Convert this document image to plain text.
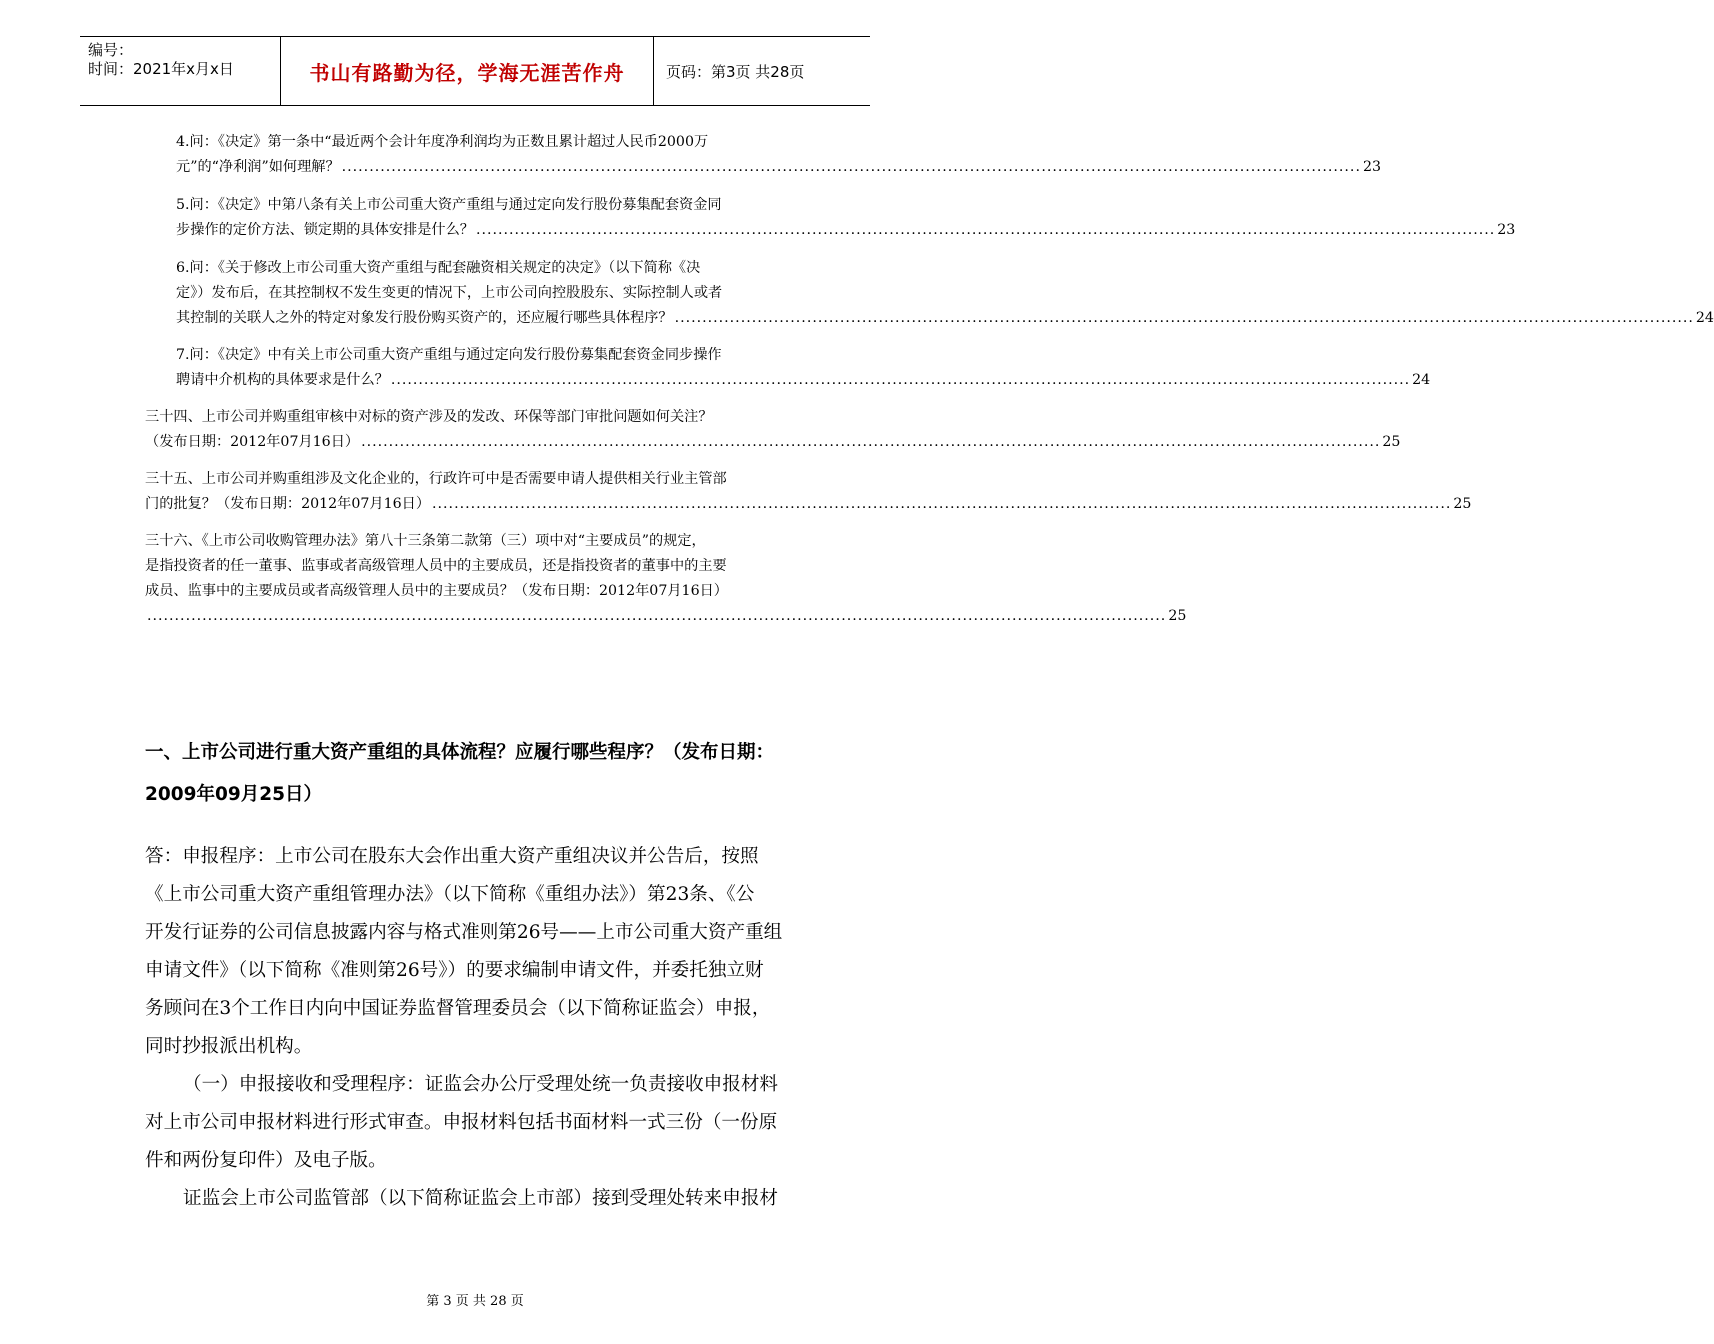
编号：
时间：2021年x月x日	书山有路勤为径，学海无涯苦作舟	页码：第3页 共28页
4.问：《决定》第一条中“最近两个会计年度净利润均为正数且累计超过人民币2000万
元”的“净利润”如何理解？ ......................................................................................................................................................................................... 23
5.问：《决定》中第八条有关上市公司重大资产重组与通过定向发行股份募集配套资金同
步操作的定价方法、锁定期的具体安排是什么？ ......................................................................................................................................................................................... 23
6.问：《关于修改上市公司重大资产重组与配套融资相关规定的决定》（以下简称《决
定》）发布后，在其控制权不发生变更的情况下，上市公司向控股股东、实际控制人或者
其控制的关联人之外的特定对象发行股份购买资产的，还应履行哪些具体程序？ ......................................................................................................................................................................................... 24
7.问：《决定》中有关上市公司重大资产重组与通过定向发行股份募集配套资金同步操作
聘请中介机构的具体要求是什么？ ......................................................................................................................................................................................... 24
三十四、上市公司并购重组审核中对标的资产涉及的发改、环保等部门审批问题如何关注？
（发布日期：2012年07月16日） ......................................................................................................................................................................................... 25
三十五、上市公司并购重组涉及文化企业的，行政许可中是否需要申请人提供相关行业主管部
门的批复？（发布日期：2012年07月16日） ......................................................................................................................................................................................... 25
三十六、《上市公司收购管理办法》第八十三条第二款第（三）项中对“主要成员”的规定，
是指投资者的任一董事、监事或者高级管理人员中的主要成员，还是指投资者的董事中的主要
成员、监事中的主要成员或者高级管理人员中的主要成员？（发布日期：2012年07月16日）
......................................................................................................................................................................................... 25
一、上市公司进行重大资产重组的具体流程？应履行哪些程序？（发布日期：
2009年09月25日）
答：申报程序：上市公司在股东大会作出重大资产重组决议并公告后，按照
《上市公司重大资产重组管理办法》（以下简称《重组办法》）第23条、《公
开发行证券的公司信息披露内容与格式准则第26号——上市公司重大资产重组
申请文件》（以下简称《准则第26号》）的要求编制申请文件，并委托独立财
务顾问在3个工作日内向中国证券监督管理委员会（以下简称证监会）申报，
同时抄报派出机构。
（一）申报接收和受理程序：证监会办公厅受理处统一负责接收申报材料
对上市公司申报材料进行形式审查。申报材料包括书面材料一式三份（一份原
件和两份复印件）及电子版。
证监会上市公司监管部（以下简称证监会上市部）接到受理处转来申报材
第 3 页 共 28 页
